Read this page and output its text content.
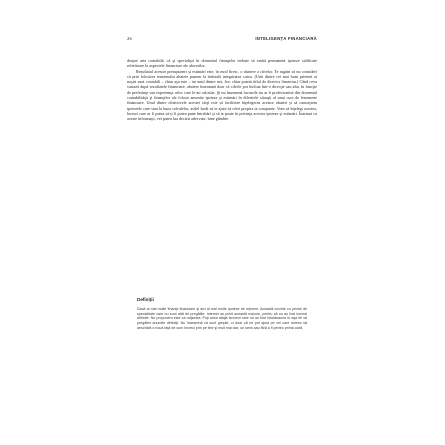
26	INTELIGENȚA FINANCIARĂ

despre arta contabilă, că şi specialişti în domeniul finanţelor trebuie să emită permanent ipoteze calificate referitoare la aspectele financiare ale afacerilor.

Rezultatul acestor presupuneri şi estimări este, în mod firesc, o abatere a cifrelor. Te rugăm să nu consideri că prin folosirea termenului abatere punem la îndoială integritatea cuiva. (Unii dintre cei mai buni prieteni ai noştri sunt contabili – chiar aşa este – iar unul dintre noi, Joe, chiar poartă titlul de director financiar.) Când ceva variază după rezultatele financiare, abatere înseamnă doar că cifrele pot înclina într-o direcţie sau alta, în funcţie de preferinţe sau experienţa celor care le-au calculat. Şi nu înseamnă lucrurile nu ar fi profesioniste din domeniul contabilităţii şi finanţelor ale folosit anumite ipoteze şi estimări în diferitele situaţii al unui curs de fenomene financiare. Unul dintre obiectivele acestei cărţi este să faciliteze înţelegerea acestor abateri şi să cunoaştem ipotezele care stau la baza calculelor, astfel încât să te ajute să oferi propria ta companie. Vom să înţelegi acestea, lucruri care ar fi putea să-ţi fi putea pune întrebări şi să te poate în privinţa acestor ipoteze şi estimări. Înarmat cu aceste informaţii, vei putea lua decizii adecvate, bine gândite.

Definiţii

Dacă ai mai multe finanţe financiare şi aici ai mai multe ipoteze de reţinere. Această cuvinte cu privire de specialitate care nu sunt atât de pregătite. Internet au privit această noţiune, pentru că nu au fost tocmai definite. Ne propunem este ca noţiunea. Poţi avea atâţia termeni care nu au fost întotdeauna în aşa fel să pregătim anumite definiţii. Nu înseamnă că sunt greşite, ci doar că ne pot ajuta pe cei care doresc să deschidă o nouă faţă de cum încerci prin pe tine şi mult mai clar, un sens sau fără a fi pentru prima oară.
